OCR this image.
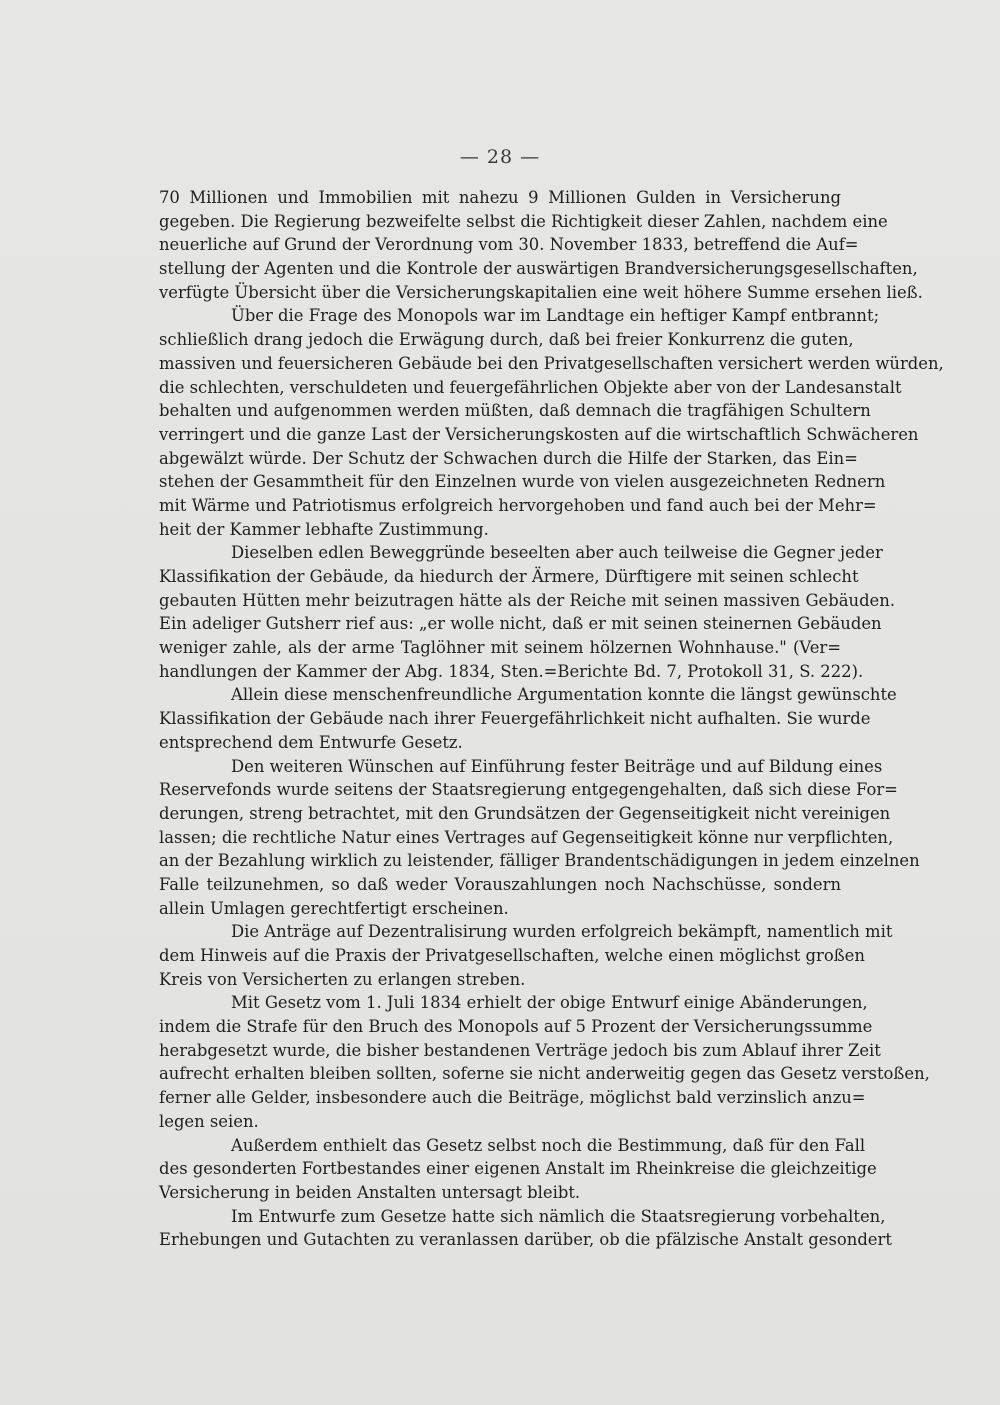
— 28 —
70 Millionen und Immobilien mit nahezu 9 Millionen Gulden in Versicherung
gegeben. Die Regierung bezweifelte selbst die Richtigkeit dieser Zahlen, nachdem eine
neuerliche auf Grund der Verordnung vom 30. November 1833, betreffend die Auf=
stellung der Agenten und die Kontrole der auswärtigen Brandversicherungsgesellschaften,
verfügte Übersicht über die Versicherungskapitalien eine weit höhere Summe ersehen ließ.
Über die Frage des Monopols war im Landtage ein heftiger Kampf entbrannt;
schließlich drang jedoch die Erwägung durch, daß bei freier Konkurrenz die guten,
massiven und feuersicheren Gebäude bei den Privatgesellschaften versichert werden würden,
die schlechten, verschuldeten und feuergefährlichen Objekte aber von der Landesanstalt
behalten und aufgenommen werden müßten, daß demnach die tragfähigen Schultern
verringert und die ganze Last der Versicherungskosten auf die wirtschaftlich Schwächeren
abgewälzt würde. Der Schutz der Schwachen durch die Hilfe der Starken, das Ein=
stehen der Gesammtheit für den Einzelnen wurde von vielen ausgezeichneten Rednern
mit Wärme und Patriotismus erfolgreich hervorgehoben und fand auch bei der Mehr=
heit der Kammer lebhafte Zustimmung.
Dieselben edlen Beweggründe beseelten aber auch teilweise die Gegner jeder
Klassifikation der Gebäude, da hiedurch der Ärmere, Dürftigere mit seinen schlecht
gebauten Hütten mehr beizutragen hätte als der Reiche mit seinen massiven Gebäuden.
Ein adeliger Gutsherr rief aus: „er wolle nicht, daß er mit seinen steinernen Gebäuden
weniger zahle, als der arme Taglöhner mit seinem hölzernen Wohnhause." (Ver=
handlungen der Kammer der Abg. 1834, Sten.=Berichte Bd. 7, Protokoll 31, S. 222).
Allein diese menschenfreundliche Argumentation konnte die längst gewünschte
Klassifikation der Gebäude nach ihrer Feuergefährlichkeit nicht aufhalten. Sie wurde
entsprechend dem Entwurfe Gesetz.
Den weiteren Wünschen auf Einführung fester Beiträge und auf Bildung eines
Reservefonds wurde seitens der Staatsregierung entgegengehalten, daß sich diese For=
derungen, streng betrachtet, mit den Grundsätzen der Gegenseitigkeit nicht vereinigen
lassen; die rechtliche Natur eines Vertrages auf Gegenseitigkeit könne nur verpflichten,
an der Bezahlung wirklich zu leistender, fälliger Brandentschädigungen in jedem einzelnen
Falle teilzunehmen, so daß weder Vorauszahlungen noch Nachschüsse, sondern
allein Umlagen gerechtfertigt erscheinen.
Die Anträge auf Dezentralisirung wurden erfolgreich bekämpft, namentlich mit
dem Hinweis auf die Praxis der Privatgesellschaften, welche einen möglichst großen
Kreis von Versicherten zu erlangen streben.
Mit Gesetz vom 1. Juli 1834 erhielt der obige Entwurf einige Abänderungen,
indem die Strafe für den Bruch des Monopols auf 5 Prozent der Versicherungssumme
herabgesetzt wurde, die bisher bestandenen Verträge jedoch bis zum Ablauf ihrer Zeit
aufrecht erhalten bleiben sollten, soferne sie nicht anderweitig gegen das Gesetz verstoßen,
ferner alle Gelder, insbesondere auch die Beiträge, möglichst bald verzinslich anzu=
legen seien.
Außerdem enthielt das Gesetz selbst noch die Bestimmung, daß für den Fall
des gesonderten Fortbestandes einer eigenen Anstalt im Rheinkreise die gleichzeitige
Versicherung in beiden Anstalten untersagt bleibt.
Im Entwurfe zum Gesetze hatte sich nämlich die Staatsregierung vorbehalten,
Erhebungen und Gutachten zu veranlassen darüber, ob die pfälzische Anstalt gesondert
